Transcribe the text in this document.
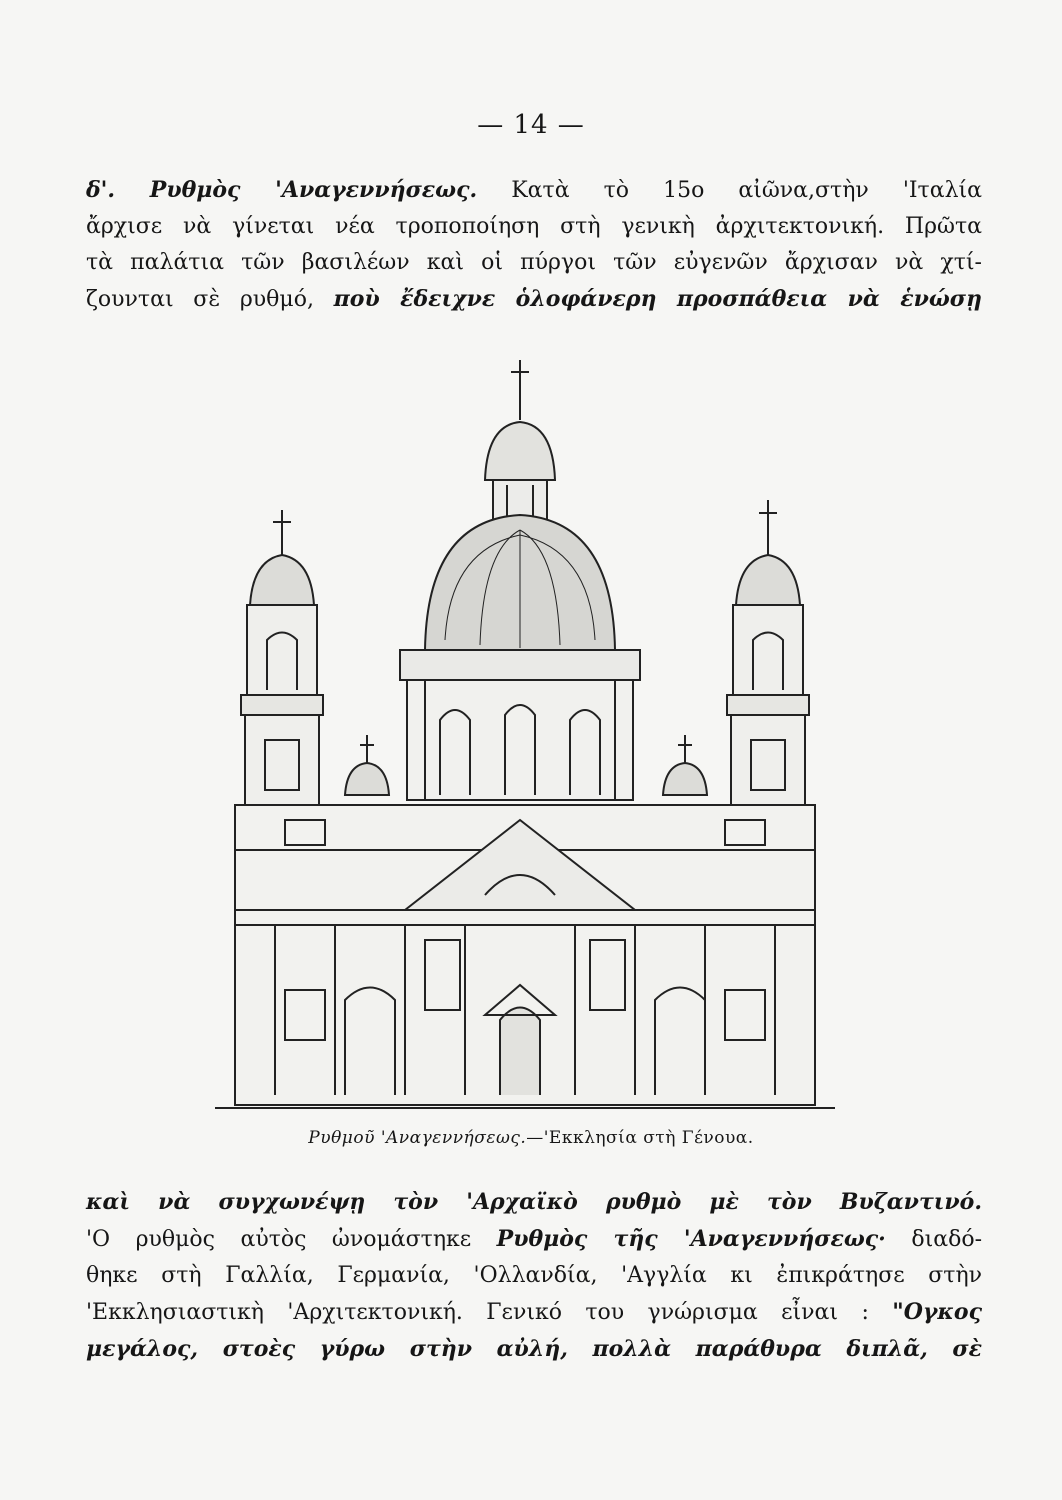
— 14 —
δ'. Ρυθμὸς 'Αναγεννήσεως. Κατὰ τὸ 15ο αἰῶνα,στὴν 'Ιταλία
ἄρχισε νὰ γίνεται νέα τροποποίηση στὴ γενικὴ ἀρχιτεκτονική. Πρῶτα
τὰ παλάτια τῶν βασιλέων καὶ οἱ πύργοι τῶν εὐγενῶν ἄρχισαν νὰ χτί-
ζουνται σὲ ρυθμό, ποὺ ἔδειχνε ὁλοφάνερη προσπάθεια νὰ ἑνώσῃ
Ρυθμοῦ 'Αναγεννήσεως.—'Εκκλησία στὴ Γένουα.
καὶ νὰ συγχωνέψῃ τὸν 'Αρχαϊκὸ ρυθμὸ μὲ τὸν Βυζαντινό.
'Ο ρυθμὸς αὐτὸς ὠνομάστηκε Ρυθμὸς τῆς 'Αναγεννήσεως· διαδό-
θηκε στὴ Γαλλία, Γερμανία, 'Ολλανδία, 'Αγγλία κι ἐπικράτησε στὴν
'Εκκλησιαστικὴ 'Αρχιτεκτονική. Γενικό του γνώρισμα εἶναι : "Ογκος
μεγάλος, στοὲς γύρω στὴν αὐλή, πολλὰ παράθυρα διπλᾶ, σὲ
